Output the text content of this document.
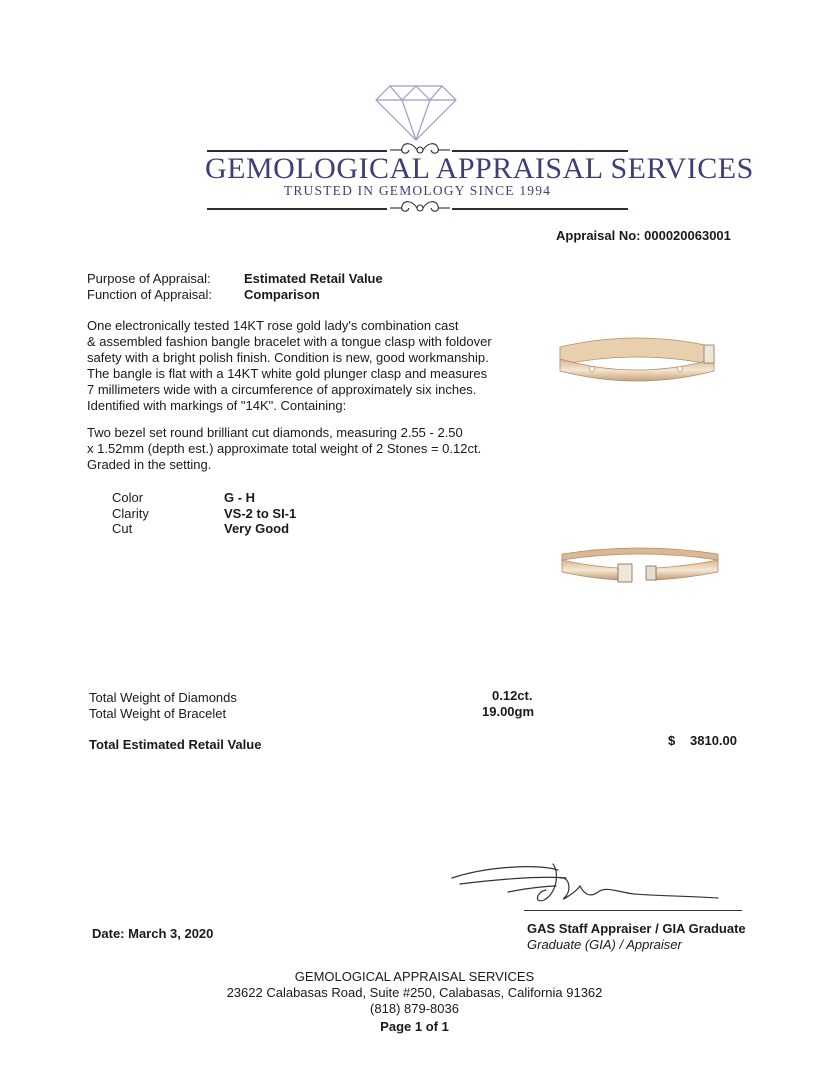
GEMOLOGICAL APPRAISAL SERVICES
TRUSTED IN GEMOLOGY SINCE 1994
Appraisal No: 000020063001
Purpose of Appraisal:	Estimated Retail Value
Function of Appraisal: Comparison

One electronically tested 14KT rose gold lady's combination cast

& assembled fashion bangle bracelet with a tongue clasp with foldover

safety with a bright polish finish. Condition is new, good workmanship.

The bangle is flat with a 14KT white gold plunger clasp and measures

7 millimeters wide with a circumference of approximately six inches.

Identified with markings of "14K". Containing:

Two bezel set round brilliant cut diamonds, measuring 2.55 - 2.50

x 1.52mm (depth est.) approximate total weight of 2 Stones = 0.12ct.

Graded in the setting.

Color	G - H
Clarity	VS-2 to SI-1
Cut	Very Good
Total Weight of Diamonds	0.12ct.
Total Weight of Bracelet	19.00gm
Total Estimated Retail Value	$ 3810.00
GAS Staff Appraiser / GIA Graduate
Graduate (GIA) / Appraiser
Date: March 3, 2020
GEMOLOGICAL APPRAISAL SERVICES
23622 Calabasas Road, Suite #250, Calabasas, California 91362
(818) 879-8036
Page 1 of 1
